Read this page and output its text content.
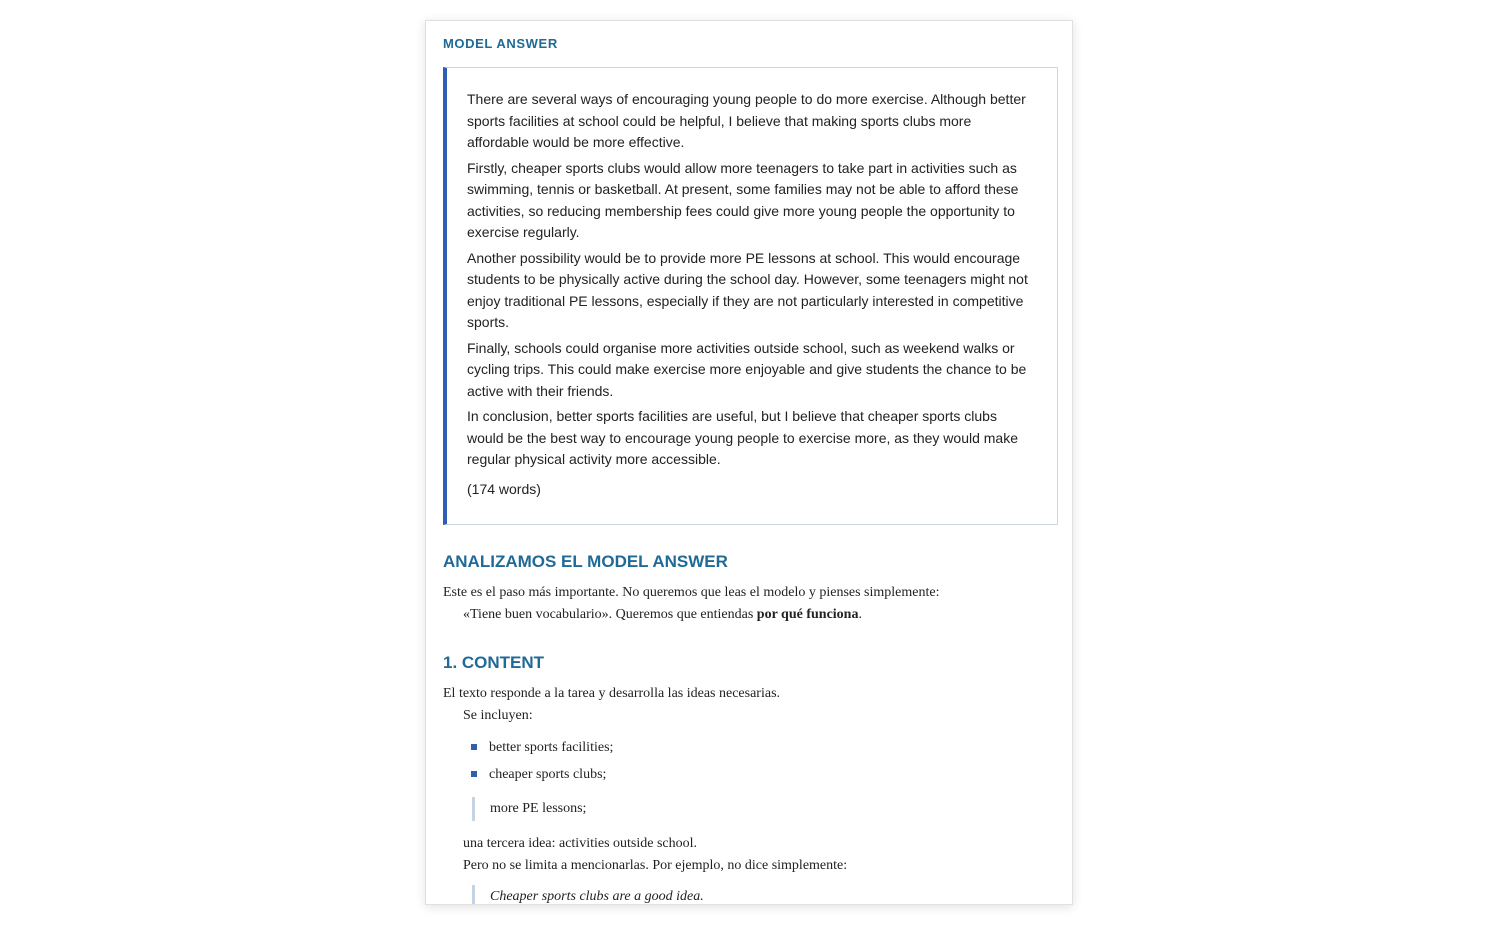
MODEL ANSWER

There are several ways of encouraging young people to do more exercise. Although better sports facilities at school could be helpful, I believe that making sports clubs more affordable would be more effective.

Firstly, cheaper sports clubs would allow more teenagers to take part in activities such as swimming, tennis or basketball. At present, some families may not be able to afford these activities, so reducing membership fees could give more young people the opportunity to exercise regularly.

Another possibility would be to provide more PE lessons at school. This would encourage students to be physically active during the school day. However, some teenagers might not enjoy traditional PE lessons, especially if they are not particularly interested in competitive sports.

Finally, schools could organise more activities outside school, such as weekend walks or cycling trips. This could make exercise more enjoyable and give students the chance to be active with their friends.

In conclusion, better sports facilities are useful, but I believe that cheaper sports clubs would be the best way to encourage young people to exercise more, as they would make regular physical activity more accessible.

(174 words)

ANALIZAMOS EL MODEL ANSWER
Este es el paso más importante. No queremos que leas el modelo y pienses simplemente:
«Tiene buen vocabulario». Queremos que entiendas por qué funciona.
1. CONTENT
El texto responde a la tarea y desarrolla las ideas necesarias.
Se incluyen:
better sports facilities;
cheaper sports clubs;
more PE lessons;
una tercera idea: activities outside school.
Pero no se limita a mencionarlas. Por ejemplo, no dice simplemente:
Cheaper sports clubs are a good idea.
